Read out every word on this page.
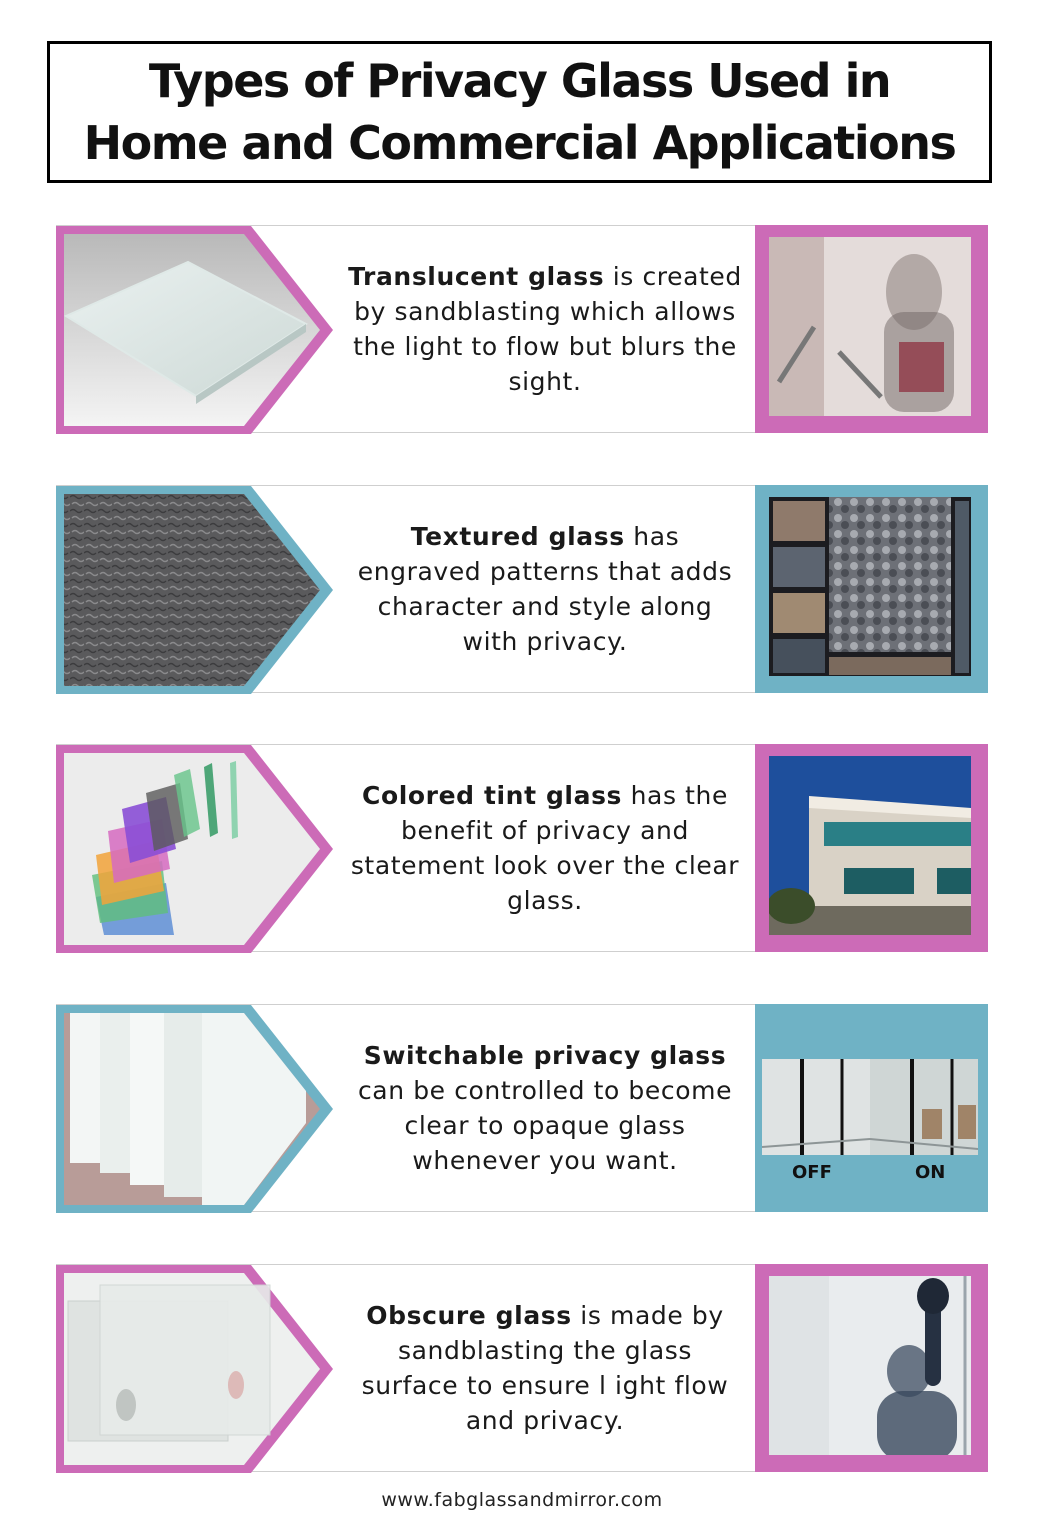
Types of Privacy Glass Used in
Home and Commercial Applications
Translucent glass is created by sandblasting which allows the light to flow but blurs the sight.
Textured glass has engraved patterns that adds character and style along with privacy.
Colored tint glass has the benefit of privacy and statement look over the clear glass.
Switchable privacy glass can be controlled to become clear to opaque glass whenever you want.	OFF	ON
Obscure glass is made by sandblasting the glass surface to ensure l ight flow and privacy.
www.fabglassandmirror.com
